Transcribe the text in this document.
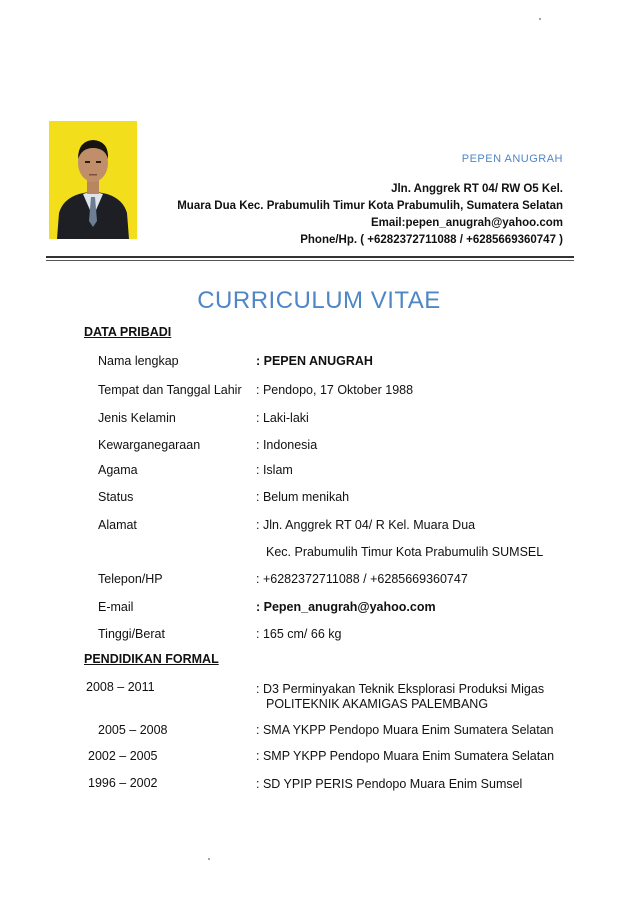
PEPEN ANUGRAH
Jln. Anggrek RT 04/ RW O5 Kel.
Muara Dua Kec. Prabumulih Timur Kota Prabumulih, Sumatera Selatan
Email:pepen_anugrah@yahoo.com
Phone/Hp. ( +6282372711088 / +6285669360747 )
CURRICULUM VITAE
DATA PRIBADI
Nama lengkap	: PEPEN ANUGRAH
Tempat dan Tanggal Lahir : Pendopo, 17 Oktober 1988
Jenis Kelamin	: Laki-laki
Kewarganegaraan	: Indonesia
Agama	: Islam
Status	: Belum menikah
Alamat	: Jln. Anggrek RT 04/ R Kel. Muara Dua
Kec. Prabumulih Timur Kota Prabumulih SUMSEL
Telepon/HP	: +6282372711088 / +6285669360747
E-mail	: Pepen_anugrah@yahoo.com
Tinggi/Berat	: 165 cm/ 66 kg
PENDIDIKAN FORMAL
2008 – 2011	: D3 Perminyakan Teknik Eksplorasi Produksi Migas
POLITEKNIK AKAMIGAS PALEMBANG
2005 – 2008	: SMA YKPP Pendopo Muara Enim Sumatera Selatan
2002 – 2005	: SMP YKPP Pendopo Muara Enim Sumatera Selatan
1996 – 2002	: SD YPIP PERIS Pendopo Muara Enim Sumsel
